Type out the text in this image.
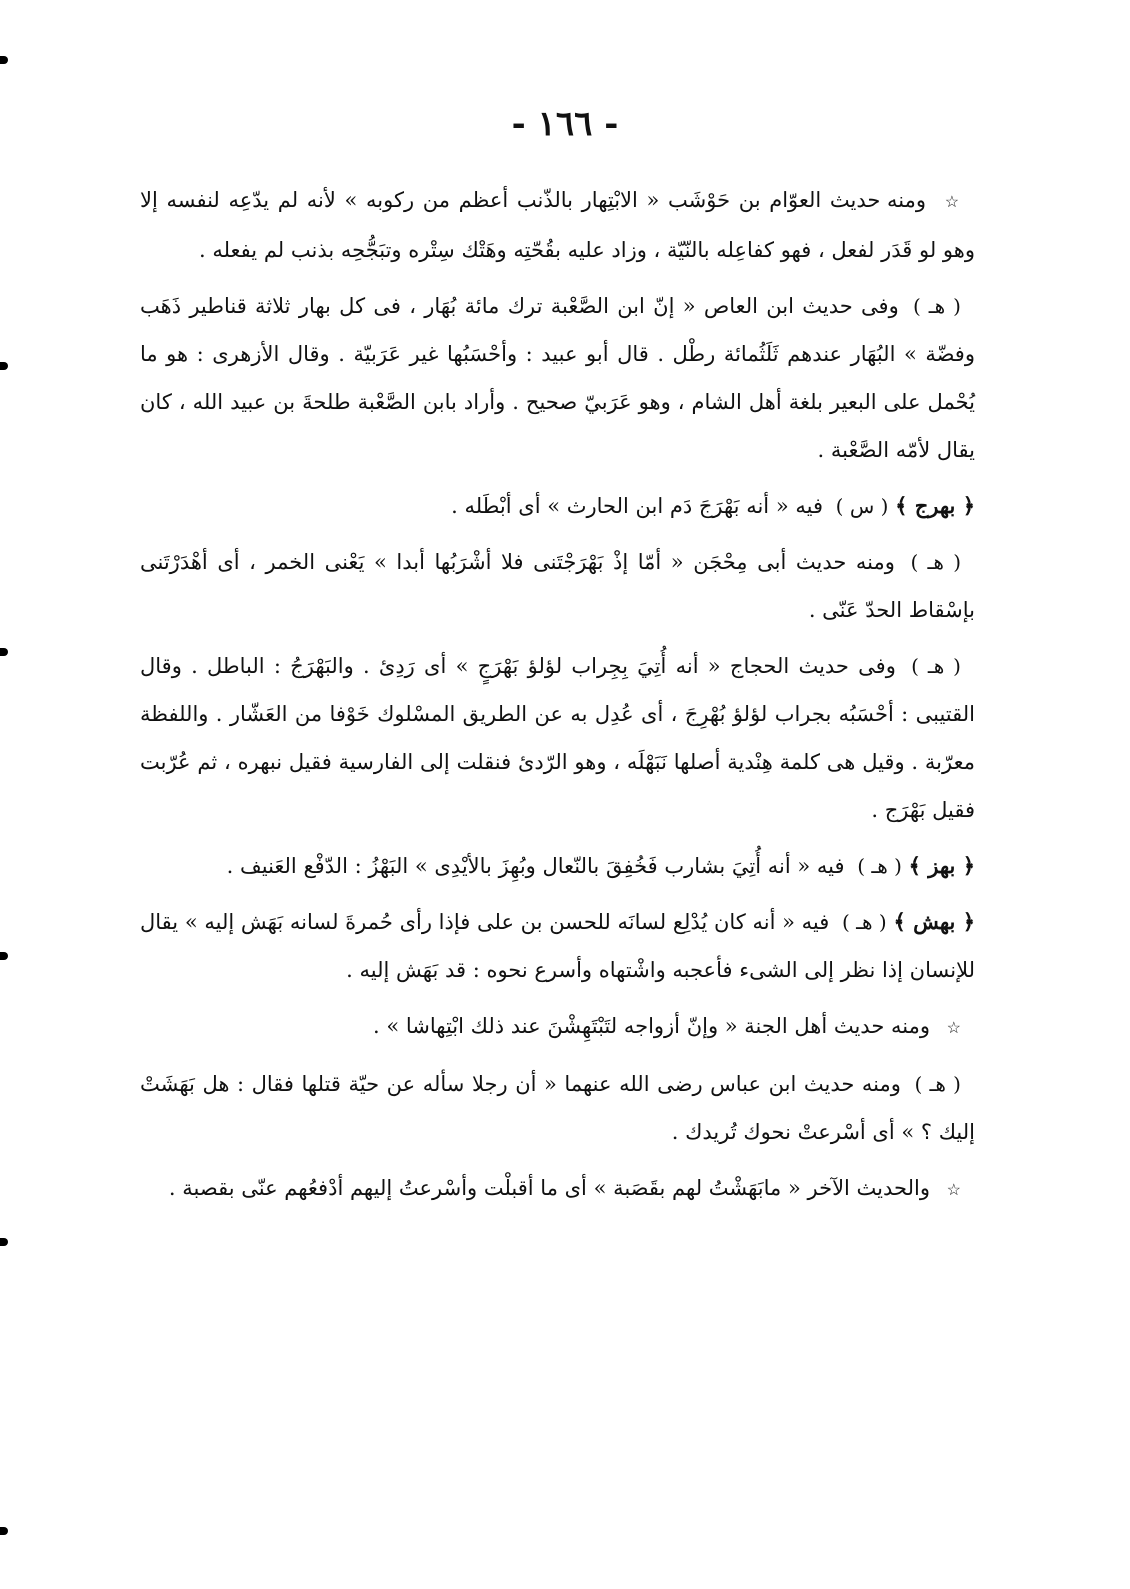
- ١٦٦ -

☆ ومنه حديث العوّام بن حَوْشَب « الابْتِهار بالذّنب أعظم من ركوبه » لأنه لم يدّعِه لنفسه إلا وهو لو قَدَر لفعل ، فهو كفاعِله بالنّيّة ، وزاد عليه بقُحّتِه وهَتْك سِتْره وتبَجُّحِه بذنب لم يفعله .

( هـ ) وفى حديث ابن العاص « إنّ ابن الصَّعْبة ترك مائة بُهَار ، فى كل بهار ثلاثة قناطير ذَهَب وفضّة » البُهَار عندهم ثَلَثُمائة رطْل . قال أبو عبيد : وأحْسَبُها غير عَرَبيّة . وقال الأزهرى : هو ما يُحْمل على البعير بلغة أهل الشام ، وهو عَرَبيّ صحيح . وأراد بابن الصَّعْبة طلحةَ بن عبيد الله ، كان يقال لأمّه الصَّعْبة .

﴿ بهرج ﴾ ( س ) فيه « أنه بَهْرَجَ دَم ابن الحارث » أى أبْطَله .

( هـ ) ومنه حديث أبى مِحْجَن « أمّا إذْ بَهْرَجْتَنى فلا أشْرَبُها أبدا » يَعْنى الخمر ، أى أهْدَرْتَنى بإسْقاط الحدّ عَنّى .

( هـ ) وفى حديث الحجاج « أنه أُتِيَ بِجِراب لؤلؤ بَهْرَجٍ » أى رَدِئ . والبَهْرَجُ : الباطل . وقال القتيبى : أحْسَبُه بجراب لؤلؤ بُهْرِجَ ، أى عُدِل به عن الطريق المسْلوك خَوْفا من العَشّار . واللفظة معرّبة . وقيل هى كلمة هِنْدية أصلها نَبَهْلَه ، وهو الرّدئ فنقلت إلى الفارسية فقيل نبهره ، ثم عُرّبت فقيل بَهْرَج .

﴿ بهز ﴾ ( هـ ) فيه « أنه أُتِيَ بشارب فَخُفِقَ بالنّعال وبُهِزَ بالأيْدِى » البَهْزُ : الدّفْع العَنيف .

﴿ بهش ﴾ ( هـ ) فيه « أنه كان يُدْلِع لسانَه للحسن بن على فإذا رأى حُمرةَ لسانه بَهَش إليه » يقال للإنسان إذا نظر إلى الشىء فأعجبه واشْتهاه وأسرع نحوه : قد بَهَش إليه .

☆ ومنه حديث أهل الجنة « وإنّ أزواجه لتَبْتَهِشْنَ عند ذلك ابْتِهاشا » .

( هـ ) ومنه حديث ابن عباس رضى الله عنهما « أن رجلا سأله عن حيّة قتلها فقال : هل بَهَشَتْ إليك ؟ » أى أسْرعتْ نحوك تُريدك .

☆ والحديث الآخر « مابَهَشْتُ لهم بقَصَبة » أى ما أقبلْت وأسْرعتُ إليهم أدْفعُهم عنّى بقصبة .
